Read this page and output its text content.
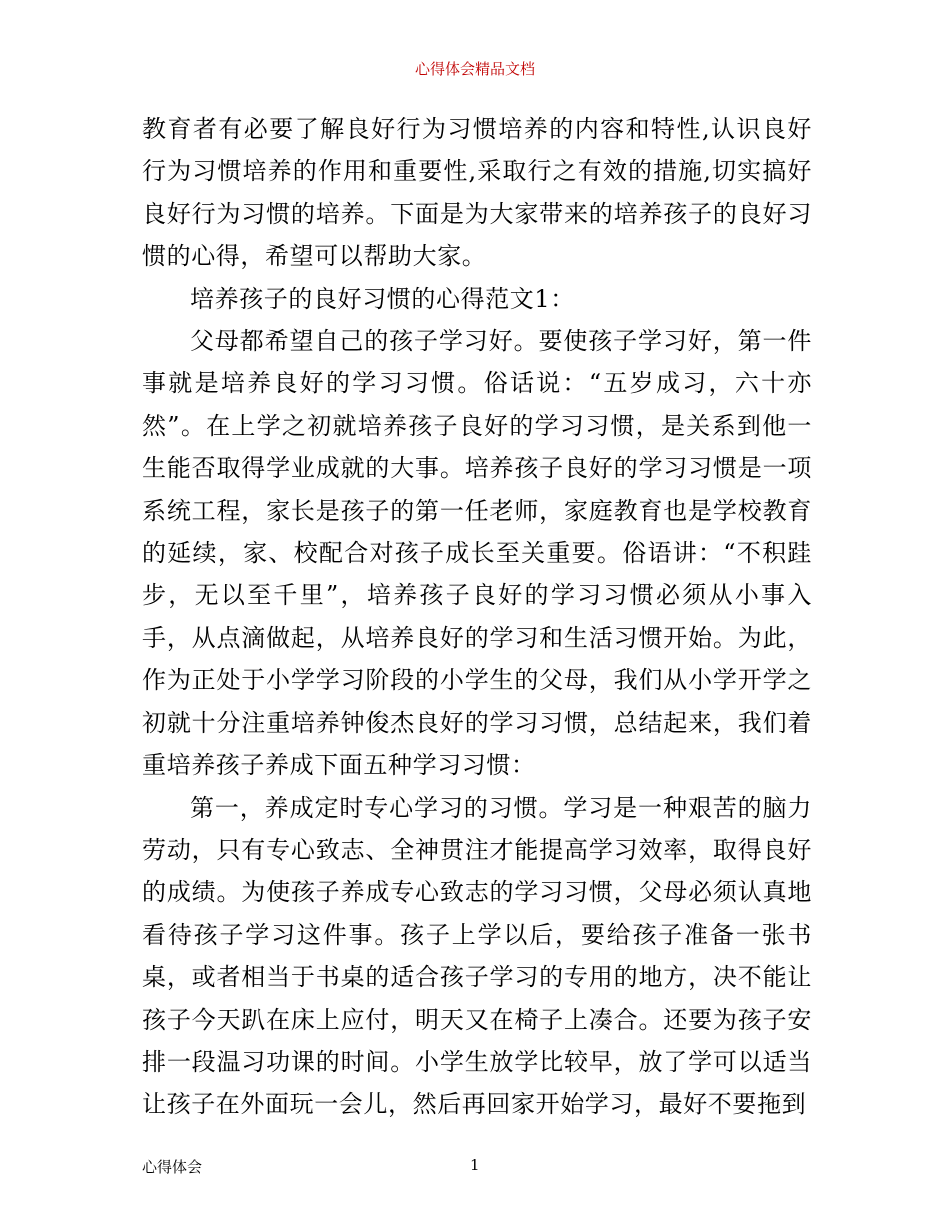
心得体会精品文档

教育者有必要了解良好行为习惯培养的内容和特性,认识良好行为习惯培养的作用和重要性,采取行之有效的措施,切实搞好良好行为习惯的培养。下面是为大家带来的培养孩子的良好习惯的心得，希望可以帮助大家。

培养孩子的良好习惯的心得范文1：

父母都希望自己的孩子学习好。要使孩子学习好，第一件事就是培养良好的学习习惯。俗话说：“五岁成习，六十亦然”。在上学之初就培养孩子良好的学习习惯，是关系到他一生能否取得学业成就的大事。培养孩子良好的学习习惯是一项系统工程，家长是孩子的第一任老师，家庭教育也是学校教育的延续，家、校配合对孩子成长至关重要。俗语讲：“不积跬步，无以至千里”，培养孩子良好的学习习惯必须从小事入手，从点滴做起，从培养良好的学习和生活习惯开始。为此，作为正处于小学学习阶段的小学生的父母，我们从小学开学之初就十分注重培养钟俊杰良好的学习习惯，总结起来，我们着重培养孩子养成下面五种学习习惯：

第一，养成定时专心学习的习惯。学习是一种艰苦的脑力劳动，只有专心致志、全神贯注才能提高学习效率，取得良好的成绩。为使孩子养成专心致志的学习习惯，父母必须认真地看待孩子学习这件事。孩子上学以后，要给孩子准备一张书桌，或者相当于书桌的适合孩子学习的专用的地方，决不能让孩子今天趴在床上应付，明天又在椅子上凑合。还要为孩子安排一段温习功课的时间。小学生放学比较早，放了学可以适当让孩子在外面玩一会儿，然后再回家开始学习，最好不要拖到

心得体会	1
